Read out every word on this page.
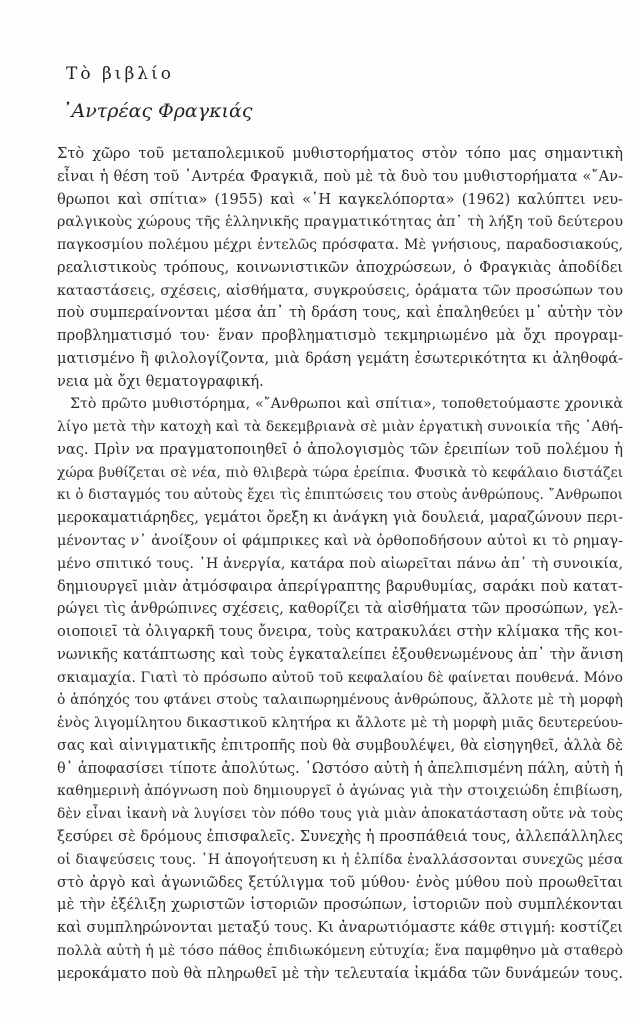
Τὸ βιβλίο
᾽Αντρέας Φραγκιάς
Στὸ χῶρο τοῦ μεταπολεμικοῦ μυθιστορήματος στὸν τόπο μας σημαντικὴ
εἶναι ἡ θέση τοῦ ᾽Αντρέα Φραγκιᾶ, ποὺ μὲ τὰ δυὸ του μυθιστορήματα «῎Αν-
θρωποι καὶ σπίτια» (1955) καὶ «῾Η καγκελόπορτα» (1962) καλύπτει νευ-
ραλγικοὺς χώρους τῆς ἑλληνικῆς πραγματικότητας ἀπ᾽ τὴ λήξη τοῦ δεύτερου
παγκοσμίου πολέμου μέχρι ἐντελῶς πρόσφατα. Μὲ γνήσιους, παραδοσιακούς,
ρεαλιστικοὺς τρόπους, κοινωνιστικῶν ἀποχρώσεων, ὁ Φραγκιὰς ἀποδίδει
καταστάσεις, σχέσεις, αἰσθήματα, συγκρούσεις, ὁράματα τῶν προσώπων του
ποὺ συμπεραίνονται μέσα ἀπ᾽ τὴ δράση τους, καὶ ἐπαληθεύει μ᾽ αὐτὴν τὸν
προβληματισμό του· ἕναν προβληματισμὸ τεκμηριωμένο μὰ ὄχι προγραμ-
ματισμένο ἢ φιλολογίζοντα, μιὰ δράση γεμάτη ἐσωτερικότητα κι ἀληθοφά-
νεια μὰ ὄχι θεματογραφική.
Στὸ πρῶτο μυθιστόρημα, «῎Ανθρωποι καὶ σπίτια», τοποθετούμαστε χρονικὰ
λίγο μετὰ τὴν κατοχὴ καὶ τὰ δεκεμβριανὰ σὲ μιὰν ἐργατικὴ συνοικία τῆς ᾽Αθή-
νας. Πρὶν να πραγματοποιηθεῖ ὁ ἀπολογισμὸς τῶν ἐρειπίων τοῦ πολέμου ἡ
χώρα βυθίζεται σὲ νέα, πιὸ θλιβερὰ τώρα ἐρείπια. Φυσικὰ τὸ κεφάλαιο διστάζει
κι ὁ δισταγμός του αὐτοὺς ἔχει τὶς ἐπιπτώσεις του στοὺς ἀνθρώπους. ῎Ανθρωποι
μεροκαματιάρηδες, γεμάτοι ὄρεξη κι ἀνάγκη γιὰ δουλειά, μαραζώνουν περι-
μένοντας ν᾽ ἀνοίξουν οἱ φάμπρικες καὶ νὰ ὀρθοποδήσουν αὐτοὶ κι τὸ ρημαγ-
μένο σπιτικό τους. ῾Η ἀνεργία, κατάρα ποὺ αἰωρεῖται πάνω ἀπ᾽ τὴ συνοικία,
δημιουργεῖ μιὰν ἀτμόσφαιρα ἀπερίγραπτης βαρυθυμίας, σαράκι ποὺ κατατ-
ρώγει τὶς ἀνθρώπινες σχέσεις, καθορίζει τὰ αἰσθήματα τῶν προσώπων, γελ-
οιοποιεῖ τὰ ὀλιγαρκῆ τους ὄνειρα, τοὺς κατρακυλάει στὴν κλίμακα τῆς κοι-
νωνικῆς κατάπτωσης καὶ τοὺς ἐγκαταλείπει ἐξουθενωμένους ἀπ᾽ τὴν ἄνιση
σκιαμαχία. Γιατὶ τὸ πρόσωπο αὐτοῦ τοῦ κεφαλαίου δὲ φαίνεται πουθενά. Μόνο
ὁ ἀπόηχός του φτάνει στοὺς ταλαιπωρημένους ἀνθρώπους, ἄλλοτε μὲ τὴ μορφὴ
ἑνὸς λιγομίλητου δικαστικοῦ κλητήρα κι ἄλλοτε μὲ τὴ μορφὴ μιᾶς δευτερεύου-
σας καὶ αἰνιγματικῆς ἐπιτροπῆς ποὺ θὰ συμβουλέψει, θὰ εἰσηγηθεῖ, ἀλλὰ δὲ
θ᾽ ἀποφασίσει τίποτε ἀπολύτως. ῾Ωστόσο αὐτὴ ἡ ἀπελπισμένη πάλη, αὐτὴ ἡ
καθημερινὴ ἀπόγνωση ποὺ δημιουργεῖ ὁ ἀγώνας γιὰ τὴν στοιχειώδη ἐπιβίωση,
δὲν εἶναι ἱκανὴ νὰ λυγίσει τὸν πόθο τους γιὰ μιὰν ἀποκατάσταση οὔτε νὰ τοὺς
ξεσύρει σὲ δρόμους ἐπισφαλεῖς. Συνεχὴς ἡ προσπάθειά τους, ἀλλεπάλληλες
οἱ διαψεύσεις τους. ῾Η ἀπογοήτευση κι ἡ ἐλπίδα ἐναλλάσσονται συνεχῶς μέσα
στὸ ἀργὸ καὶ ἀγωνιῶδες ξετύλιγμα τοῦ μύθου· ἑνὸς μύθου ποὺ προωθεῖται
μὲ τὴν ἐξέλιξη χωριστῶν ἱστοριῶν προσώπων, ἱστοριῶν ποὺ συμπλέκονται
καὶ συμπληρώνονται μεταξύ τους. Κι ἀναρωτιόμαστε κάθε στιγμή: κοστίζει
πολλὰ αὐτὴ ἡ μὲ τόσο πάθος ἐπιδιωκόμενη εὐτυχία; ἕνα παμφθηνο μὰ σταθερὸ
μεροκάματο ποὺ θὰ πληρωθεῖ μὲ τὴν τελευταία ἰκμάδα τῶν δυνάμεών τους.
